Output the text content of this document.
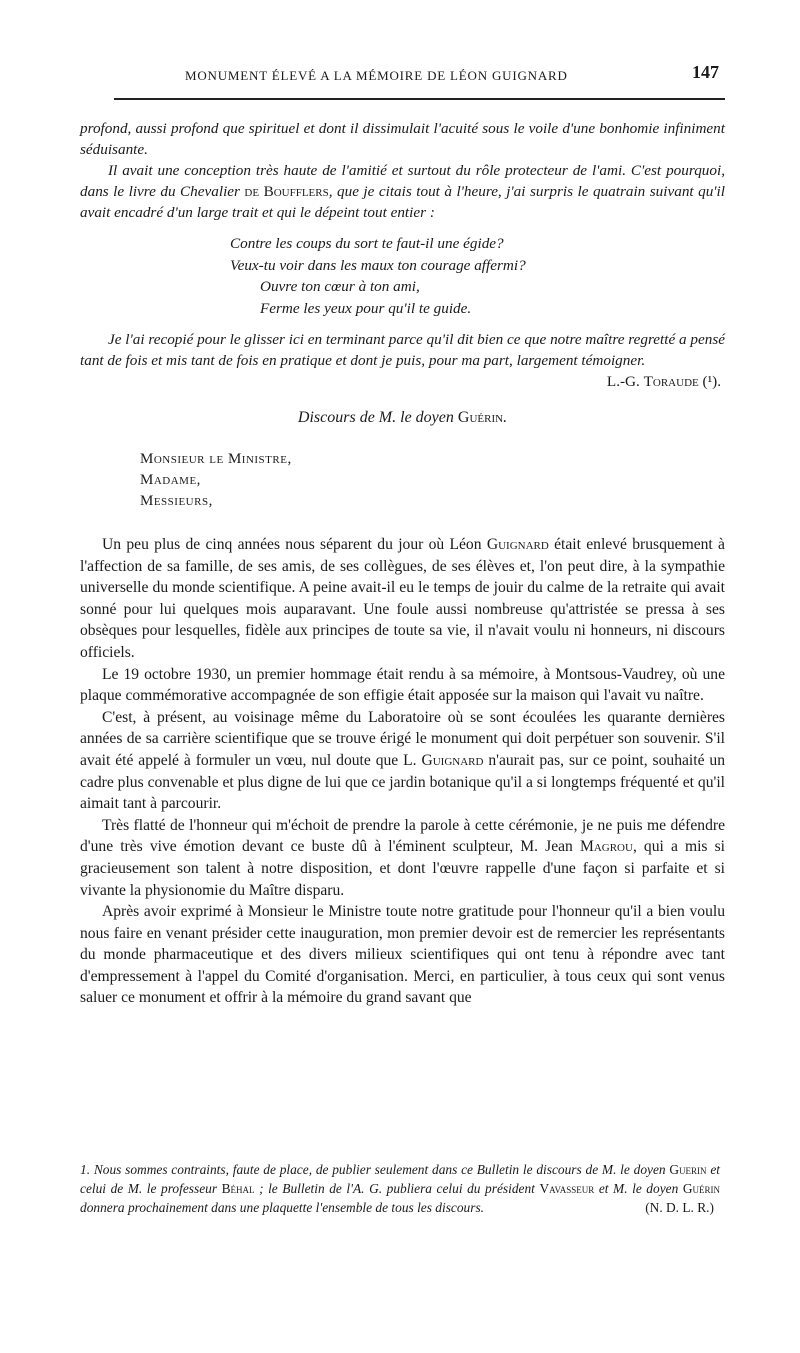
MONUMENT ÉLEVÉ A LA MÉMOIRE DE LÉON GUIGNARD	147

profond, aussi profond que spirituel et dont il dissimulait l'acuité sous le voile d'une bonhomie infiniment séduisante.

Il avait une conception très haute de l'amitié et surtout du rôle protecteur de l'ami. C'est pourquoi, dans le livre du Chevalier de Boufflers, que je citais tout à l'heure, j'ai surpris le quatrain suivant qu'il avait encadré d'un large trait et qui le dépeint tout entier :

Contre les coups du sort te faut-il une égide?
Veux-tu voir dans les maux ton courage affermi?
Ouvre ton cœur à ton ami,
Ferme les yeux pour qu'il te guide.

Je l'ai recopié pour le glisser ici en terminant parce qu'il dit bien ce que notre maître regretté a pensé tant de fois et mis tant de fois en pratique et dont je puis, pour ma part, largement témoigner.
L.-G. Toraude (¹).

Discours de M. le doyen Guérin.
Monsieur le Ministre,
Madame,
Messieurs,

Un peu plus de cinq années nous séparent du jour où Léon Guignard était enlevé brusquement à l'affection de sa famille, de ses amis, de ses collègues, de ses élèves et, l'on peut dire, à la sympathie universelle du monde scientifique. A peine avait-il eu le temps de jouir du calme de la retraite qui avait sonné pour lui quelques mois auparavant. Une foule aussi nombreuse qu'attristée se pressa à ses obsèques pour lesquelles, fidèle aux principes de toute sa vie, il n'avait voulu ni honneurs, ni discours officiels.

Le 19 octobre 1930, un premier hommage était rendu à sa mémoire, à Montsous-Vaudrey, où une plaque commémorative accompagnée de son effigie était apposée sur la maison qui l'avait vu naître.

C'est, à présent, au voisinage même du Laboratoire où se sont écoulées les quarante dernières années de sa carrière scientifique que se trouve érigé le monument qui doit perpétuer son souvenir. S'il avait été appelé à formuler un vœu, nul doute que L. Guignard n'aurait pas, sur ce point, souhaité un cadre plus convenable et plus digne de lui que ce jardin botanique qu'il a si longtemps fréquenté et qu'il aimait tant à parcourir.

Très flatté de l'honneur qui m'échoit de prendre la parole à cette cérémonie, je ne puis me défendre d'une très vive émotion devant ce buste dû à l'éminent sculpteur, M. Jean Magrou, qui a mis si gracieusement son talent à notre disposition, et dont l'œuvre rappelle d'une façon si parfaite et si vivante la physionomie du Maître disparu.

Après avoir exprimé à Monsieur le Ministre toute notre gratitude pour l'honneur qu'il a bien voulu nous faire en venant présider cette inauguration, mon premier devoir est de remercier les représentants du monde pharmaceutique et des divers milieux scientifiques qui ont tenu à répondre avec tant d'empressement à l'appel du Comité d'organisation. Merci, en particulier, à tous ceux qui sont venus saluer ce monument et offrir à la mémoire du grand savant que

1. Nous sommes contraints, faute de place, de publier seulement dans ce Bulletin le discours de M. le doyen Guerin et celui de M. le professeur Béhal ; le Bulletin de l'A. G. publiera celui du président Vavasseur et M. le doyen Guérin donnera prochainement dans une plaquette l'ensemble de tous les discours.	(N. D. L. R.)
